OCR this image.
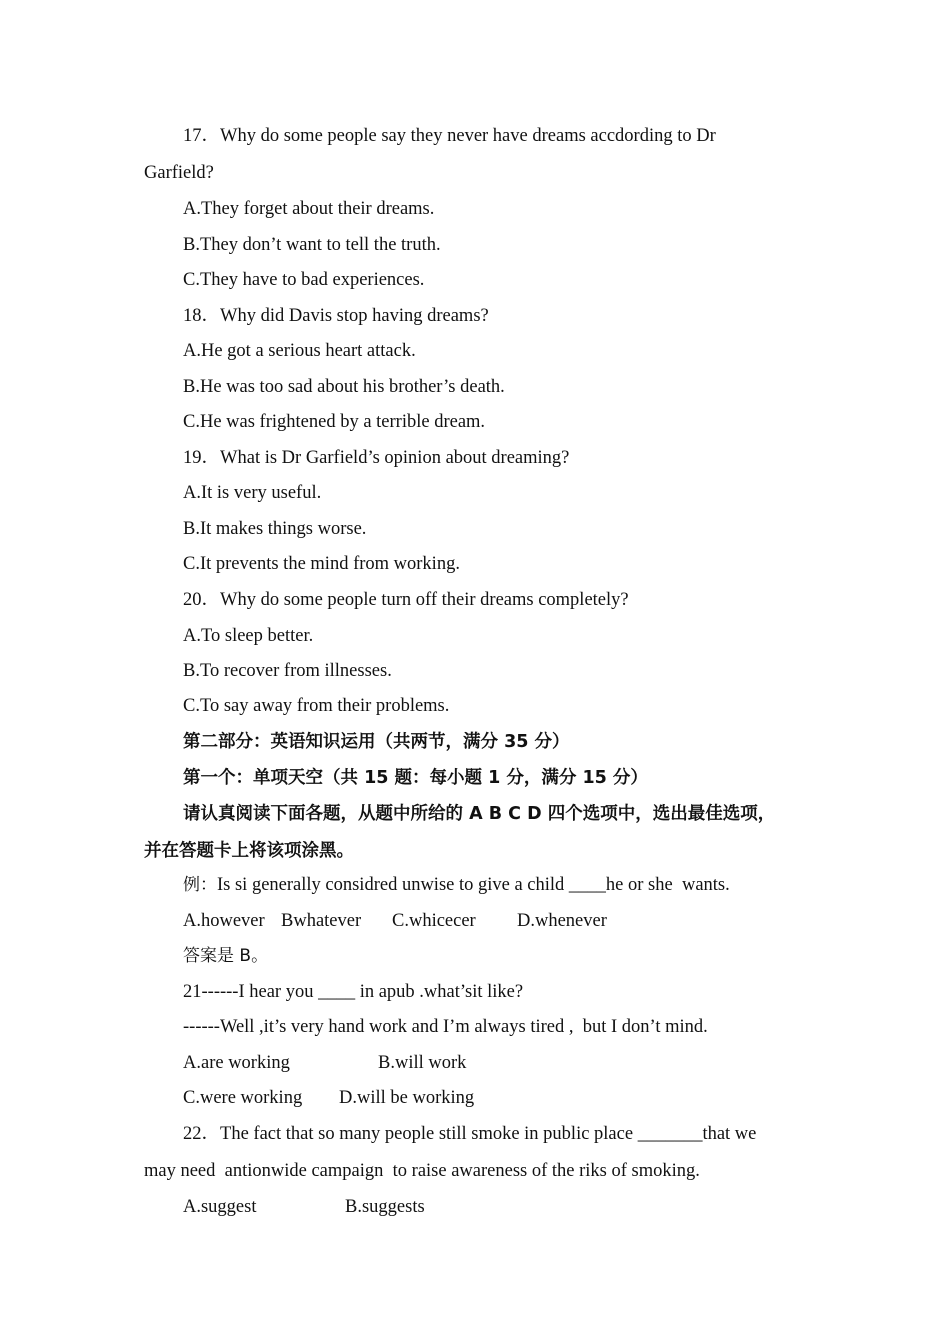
17．Why do some people say they never have dreams accdording to Dr
Garfield?
A.They forget about their dreams.
B.They don’t want to tell the truth.
C.They have to bad experiences.
18．Why did Davis stop having dreams?
A.He got a serious heart attack.
B.He was too sad about his brother’s death.
C.He was frightened by a terrible dream.
19．What is Dr Garfield’s opinion about dreaming?
A.It is very useful.
B.It makes things worse.
C.It prevents the mind from working.
20．Why do some people turn off their dreams completely?
A.To sleep better.
B.To recover from illnesses.
C.To say away from their problems.
第二部分：英语知识运用（共两节，满分 35 分）
第一个：单项天空（共 15 题：每小题 1 分，满分 15 分）
请认真阅读下面各题，从题中所给的 A B C D 四个选项中，选出最佳选项，
并在答题卡上将该项涂黑。
例：Is si generally considred unwise to give a child ____he or she  wants.
A.however Bwhatever C.whicecer D.whenever
答案是 B。
21------I hear you ____ in apub .what’sit like?
------Well ,it’s very hand work and I’m always tired ,  but I don’t mind.
A.are working	B.will work
C.were working D.will be working
22．The fact that so many people still smoke in public place _______that we
may need  antionwide campaign  to raise awareness of the riks of smoking.
A.suggest	B.suggests
